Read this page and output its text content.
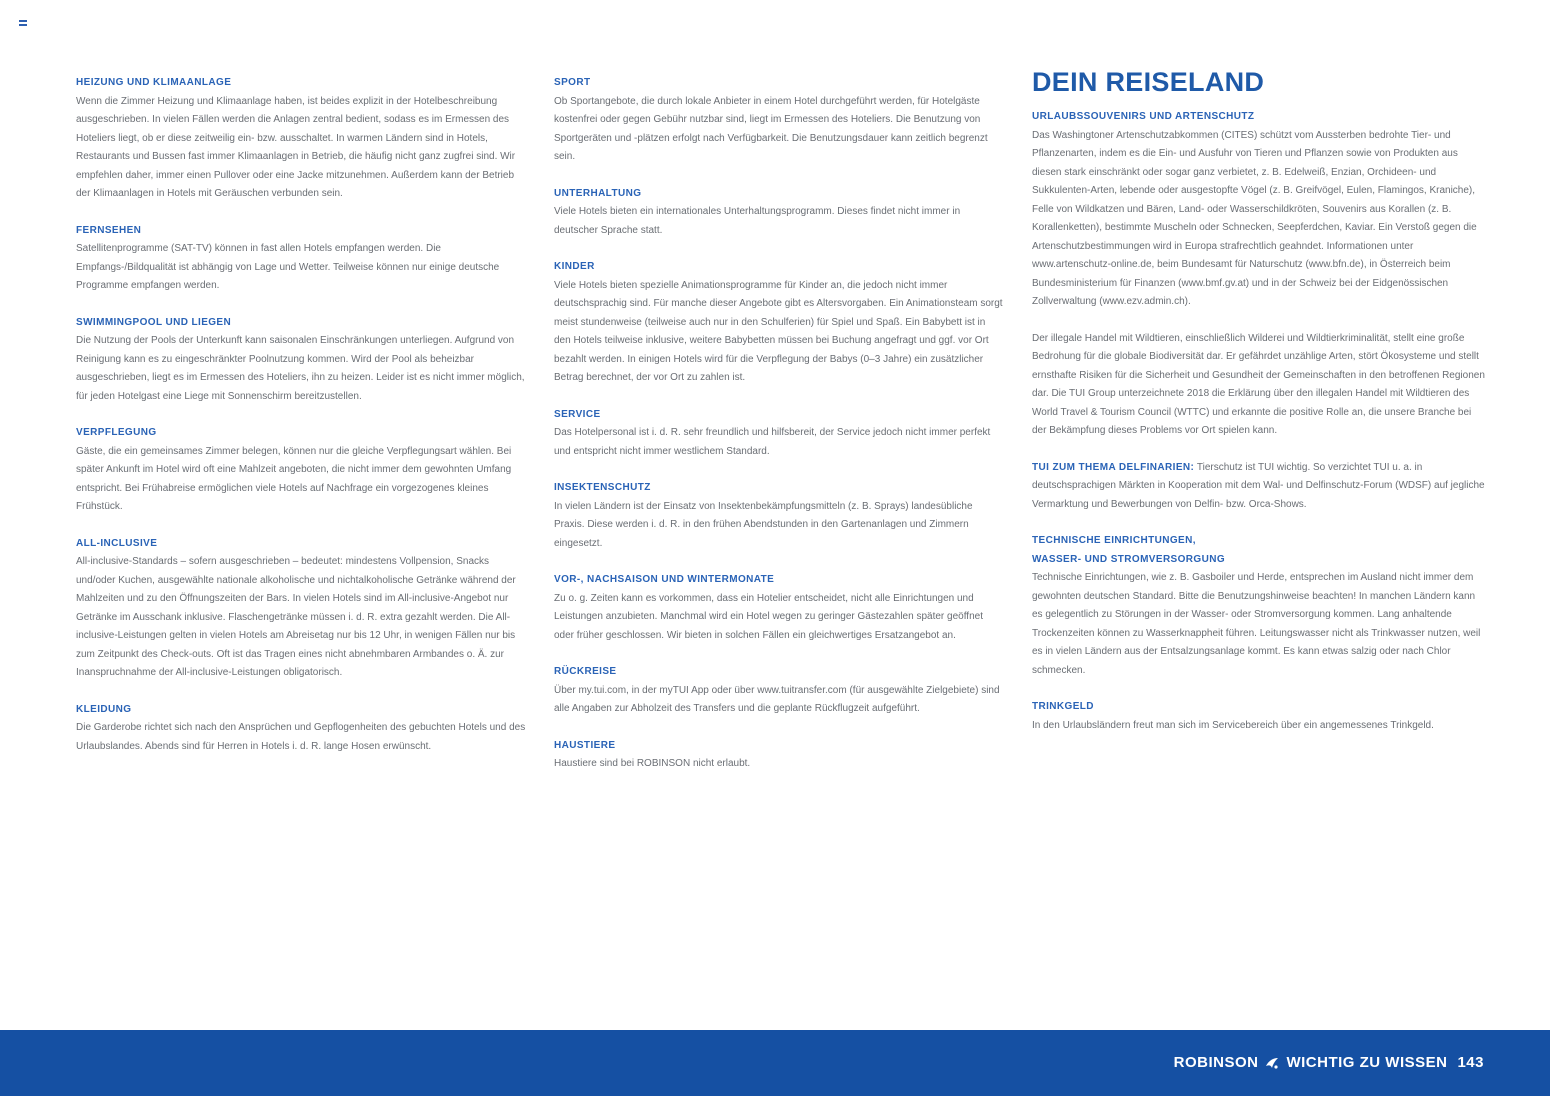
HEIZUNG UND KLIMAANLAGE

Wenn die Zimmer Heizung und Klimaanlage haben, ist beides explizit in der Hotelbeschreibung ausgeschrieben. In vielen Fällen werden die Anlagen zentral bedient, sodass es im Ermessen des Hoteliers liegt, ob er diese zeitweilig ein- bzw. ausschaltet. In warmen Ländern sind in Hotels, Restaurants und Bussen fast immer Klimaanlagen in Betrieb, die häufig nicht ganz zugfrei sind. Wir empfehlen daher, immer einen Pullover oder eine Jacke mitzunehmen. Außerdem kann der Betrieb der Klimaanlagen in Hotels mit Geräuschen verbunden sein.

FERNSEHEN

Satellitenprogramme (SAT-TV) können in fast allen Hotels empfangen werden. Die Empfangs-/Bildqualität ist abhängig von Lage und Wetter. Teilweise können nur einige deutsche Programme empfangen werden.

SWIMMINGPOOL UND LIEGEN

Die Nutzung der Pools der Unterkunft kann saisonalen Einschränkungen unterliegen. Aufgrund von Reinigung kann es zu eingeschränkter Poolnutzung kommen. Wird der Pool als beheizbar ausgeschrieben, liegt es im Ermessen des Hoteliers, ihn zu heizen. Leider ist es nicht immer möglich, für jeden Hotelgast eine Liege mit Sonnenschirm bereitzustellen.

VERPFLEGUNG

Gäste, die ein gemeinsames Zimmer belegen, können nur die gleiche Verpflegungsart wählen. Bei später Ankunft im Hotel wird oft eine Mahlzeit angeboten, die nicht immer dem gewohnten Umfang entspricht. Bei Frühabreise ermöglichen viele Hotels auf Nachfrage ein vorgezogenes kleines Frühstück.

ALL-INCLUSIVE

All-inclusive-Standards – sofern ausgeschrieben – bedeutet: mindestens Vollpension, Snacks und/oder Kuchen, ausgewählte nationale alkoholische und nichtalkoholische Getränke während der Mahlzeiten und zu den Öffnungszeiten der Bars. In vielen Hotels sind im All-inclusive-Angebot nur Getränke im Ausschank inklusive. Flaschengetränke müssen i. d. R. extra gezahlt werden. Die All-inclusive-Leistungen gelten in vielen Hotels am Abreisetag nur bis 12 Uhr, in wenigen Fällen nur bis zum Zeitpunkt des Check-outs. Oft ist das Tragen eines nicht abnehmbaren Armbandes o. Ä. zur Inanspruchnahme der All-inclusive-Leistungen obligatorisch.

KLEIDUNG

Die Garderobe richtet sich nach den Ansprüchen und Gepflogenheiten des gebuchten Hotels und des Urlaubslandes. Abends sind für Herren in Hotels i. d. R. lange Hosen erwünscht.

SPORT

Ob Sportangebote, die durch lokale Anbieter in einem Hotel durchgeführt werden, für Hotelgäste kostenfrei oder gegen Gebühr nutzbar sind, liegt im Ermessen des Hoteliers. Die Benutzung von Sportgeräten und -plätzen erfolgt nach Verfügbarkeit. Die Benutzungsdauer kann zeitlich begrenzt sein.

UNTERHALTUNG

Viele Hotels bieten ein internationales Unterhaltungsprogramm. Dieses findet nicht immer in deutscher Sprache statt.

KINDER

Viele Hotels bieten spezielle Animationsprogramme für Kinder an, die jedoch nicht immer deutschsprachig sind. Für manche dieser Angebote gibt es Altersvorgaben. Ein Animationsteam sorgt meist stundenweise (teilweise auch nur in den Schulferien) für Spiel und Spaß. Ein Babybett ist in den Hotels teilweise inklusive, weitere Babybetten müssen bei Buchung angefragt und ggf. vor Ort bezahlt werden. In einigen Hotels wird für die Verpflegung der Babys (0–3 Jahre) ein zusätzlicher Betrag berechnet, der vor Ort zu zahlen ist.

SERVICE

Das Hotelpersonal ist i. d. R. sehr freundlich und hilfsbereit, der Service jedoch nicht immer perfekt und entspricht nicht immer westlichem Standard.

INSEKTENSCHUTZ

In vielen Ländern ist der Einsatz von Insektenbekämpfungsmitteln (z. B. Sprays) landesübliche Praxis. Diese werden i. d. R. in den frühen Abendstunden in den Gartenanlagen und Zimmern eingesetzt.

VOR-, NACHSAISON UND WINTERMONATE

Zu o. g. Zeiten kann es vorkommen, dass ein Hotelier entscheidet, nicht alle Einrichtungen und Leistungen anzubieten. Manchmal wird ein Hotel wegen zu geringer Gästezahlen später geöffnet oder früher geschlossen. Wir bieten in solchen Fällen ein gleichwertiges Ersatzangebot an.

RÜCKREISE

Über my.tui.com, in der myTUI App oder über www.tuitransfer.com (für ausgewählte Zielgebiete) sind alle Angaben zur Abholzeit des Transfers und die geplante Rückflugzeit aufgeführt.

HAUSTIERE

Haustiere sind bei ROBINSON nicht erlaubt.

DEIN REISELAND
URLAUBSSOUVENIRS UND ARTENSCHUTZ

Das Washingtoner Artenschutzabkommen (CITES) schützt vom Aussterben bedrohte Tier- und Pflanzenarten, indem es die Ein- und Ausfuhr von Tieren und Pflanzen sowie von Produkten aus diesen stark einschränkt oder sogar ganz verbietet, z. B. Edelweiß, Enzian, Orchideen- und Sukkulenten-Arten, lebende oder ausgestopfte Vögel (z. B. Greifvögel, Eulen, Flamingos, Kraniche), Felle von Wildkatzen und Bären, Land- oder Wasserschildkröten, Souvenirs aus Korallen (z. B. Korallenketten), bestimmte Muscheln oder Schnecken, Seepferdchen, Kaviar. Ein Verstoß gegen die Artenschutzbestimmungen wird in Europa strafrechtlich geahndet. Informationen unter www.artenschutz-online.de, beim Bundesamt für Naturschutz (www.bfn.de), in Österreich beim Bundesministerium für Finanzen (www.bmf.gv.at) und in der Schweiz bei der Eidgenössischen Zollverwaltung (www.ezv.admin.ch).

Der illegale Handel mit Wildtieren, einschließlich Wilderei und Wildtierkriminalität, stellt eine große Bedrohung für die globale Biodiversität dar. Er gefährdet unzählige Arten, stört Ökosysteme und stellt ernsthafte Risiken für die Sicherheit und Gesundheit der Gemeinschaften in den betroffenen Regionen dar. Die TUI Group unterzeichnete 2018 die Erklärung über den illegalen Handel mit Wildtieren des World Travel & Tourism Council (WTTC) und erkannte die positive Rolle an, die unsere Branche bei der Bekämpfung dieses Problems vor Ort spielen kann.

TUI ZUM THEMA DELFINARIEN: Tierschutz ist TUI wichtig. So verzichtet TUI u. a. in deutschsprachigen Märkten in Kooperation mit dem Wal- und Delfinschutz-Forum (WDSF) auf jegliche Vermarktung und Bewerbungen von Delfin- bzw. Orca-Shows.

TECHNISCHE EINRICHTUNGEN,
WASSER- UND STROMVERSORGUNG

Technische Einrichtungen, wie z. B. Gasboiler und Herde, entsprechen im Ausland nicht immer dem gewohnten deutschen Standard. Bitte die Benutzungshinweise beachten! In manchen Ländern kann es gelegentlich zu Störungen in der Wasser- oder Stromversorgung kommen. Lang anhaltende Trockenzeiten können zu Wasserknappheit führen. Leitungswasser nicht als Trinkwasser nutzen, weil es in vielen Ländern aus der Entsalzungsanlage kommt. Es kann etwas salzig oder nach Chlor schmecken.

TRINKGELD

In den Urlaubsländern freut man sich im Servicebereich über ein angemessenes Trinkgeld.

ROBINSON WICHTIG ZU WISSEN 143
